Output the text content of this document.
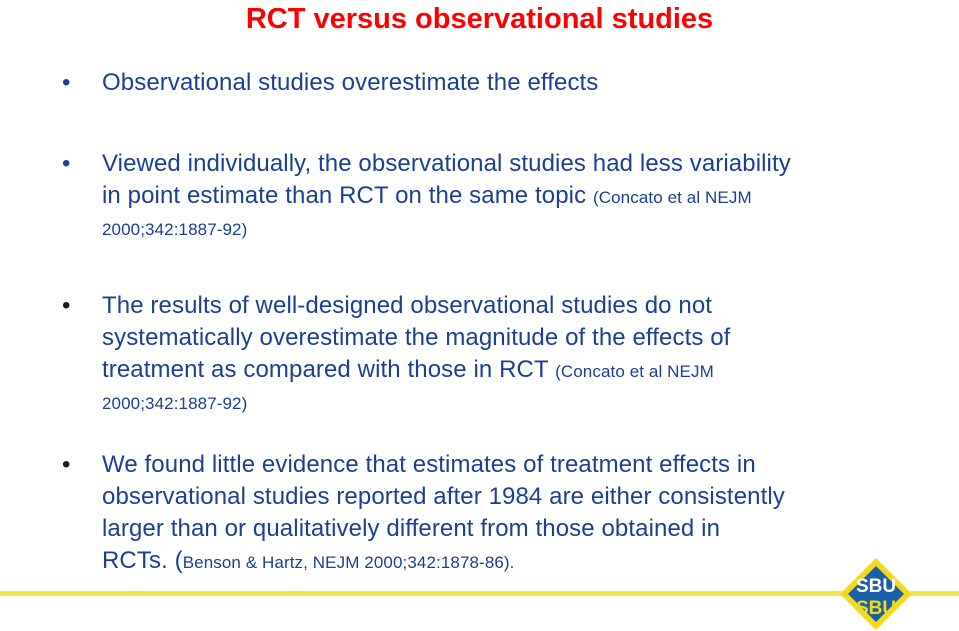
RCT versus observational studies
• Observational studies overestimate the effects
• Viewed individually, the observational studies had less variability
in point estimate than RCT on the same topic (Concato et al NEJM
2000;342:1887-92)
• The results of well-designed observational studies do not
systematically overestimate the magnitude of the effects of
treatment as compared with those in RCT (Concato et al NEJM
2000;342:1887-92)
• We found little evidence that estimates of treatment effects in
observational studies reported after 1984 are either consistently
larger than or qualitatively different from those obtained in
RCTs. (Benson & Hartz, NEJM 2000;342:1878-86).
SBU
SBU
